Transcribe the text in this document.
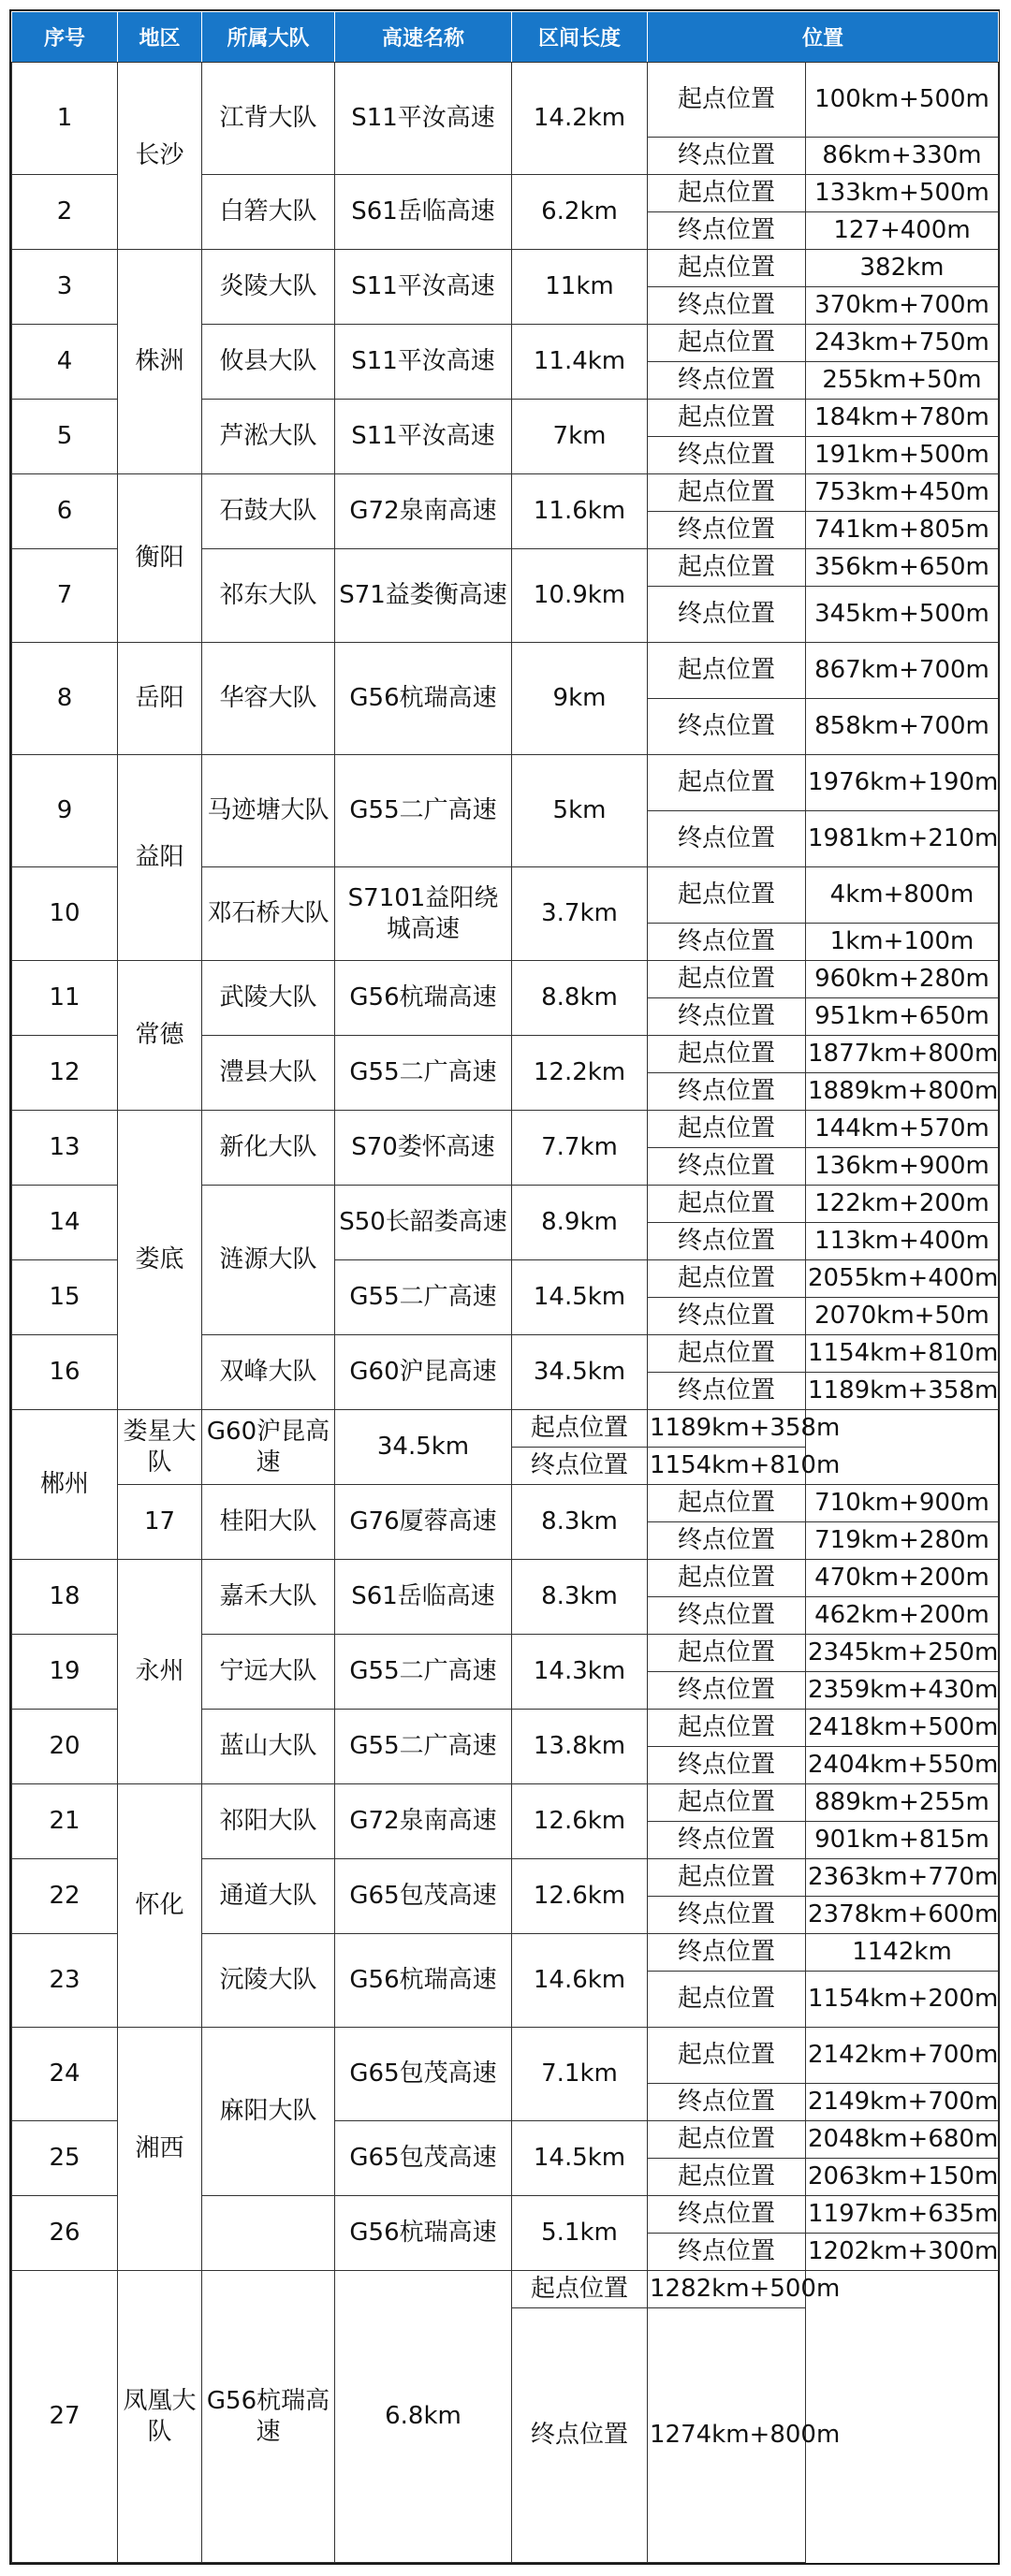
序号	地区	所属大队	高速名称	区间长度	位置	
1	长沙	江背大队	S11平汝高速	14.2km	起点位置	100km+500m
					终点位置	86km+330m
2		白箬大队	S61岳临高速	6.2km	起点位置	133km+500m
					终点位置	127+400m
3	株洲	炎陵大队	S11平汝高速	11km	起点位置	382km
					终点位置	370km+700m
4		攸县大队	S11平汝高速	11.4km	起点位置	243km+750m
					终点位置	255km+50m
5		芦淞大队	S11平汝高速	7km	起点位置	184km+780m
					终点位置	191km+500m
6	衡阳	石鼓大队	G72泉南高速	11.6km	起点位置	753km+450m
					终点位置	741km+805m
7		祁东大队	S71益娄衡高速	10.9km	起点位置	356km+650m
					终点位置	345km+500m
8	岳阳	华容大队	G56杭瑞高速	9km	起点位置	867km+700m
					终点位置	858km+700m
9	益阳	马迹塘大队	G55二广高速	5km	起点位置	1976km+190m
					终点位置	1981km+210m
10		邓石桥大队	S7101益阳绕城高速	3.7km	起点位置	4km+800m
					终点位置	1km+100m
11	常德	武陵大队	G56杭瑞高速	8.8km	起点位置	960km+280m
					终点位置	951km+650m
12		澧县大队	G55二广高速	12.2km	起点位置	1877km+800m
					终点位置	1889km+800m
13	娄底	新化大队	S70娄怀高速	7.7km	起点位置	144km+570m
					终点位置	136km+900m
14		涟源大队	S50长韶娄高速	8.9km	起点位置	122km+200m
					终点位置	113km+400m
15			G55二广高速	14.5km	起点位置	2055km+400m
					终点位置	2070km+50m
16		双峰大队	G60沪昆高速	34.5km	起点位置	1154km+810m
					终点位置	1189km+358m
郴州	娄星大队	G60沪昆高速	34.5km	起点位置	1189km+358m	
				终点位置	1154km+810m	
	17	桂阳大队	G76厦蓉高速	8.3km	起点位置	710km+900m
					终点位置	719km+280m
18	永州	嘉禾大队	S61岳临高速	8.3km	起点位置	470km+200m
					终点位置	462km+200m
19		宁远大队	G55二广高速	14.3km	起点位置	2345km+250m
					终点位置	2359km+430m
20		蓝山大队	G55二广高速	13.8km	起点位置	2418km+500m
					终点位置	2404km+550m
21	怀化	祁阳大队	G72泉南高速	12.6km	起点位置	889km+255m
					终点位置	901km+815m
22		通道大队	G65包茂高速	12.6km	起点位置	2363km+770m
					终点位置	2378km+600m
23		沅陵大队	G56杭瑞高速	14.6km	终点位置	1142km
					起点位置	1154km+200m
24	湘西	麻阳大队	G65包茂高速	7.1km	起点位置	2142km+700m
					终点位置	2149km+700m
25			G65包茂高速	14.5km	起点位置	2048km+680m
					起点位置	2063km+150m
26			G56杭瑞高速	5.1km	终点位置	1197km+635m
					终点位置	1202km+300m
27	凤凰大队	G56杭瑞高速	6.8km	起点位置	1282km+500m	
				终点位置	1274km+800m	
